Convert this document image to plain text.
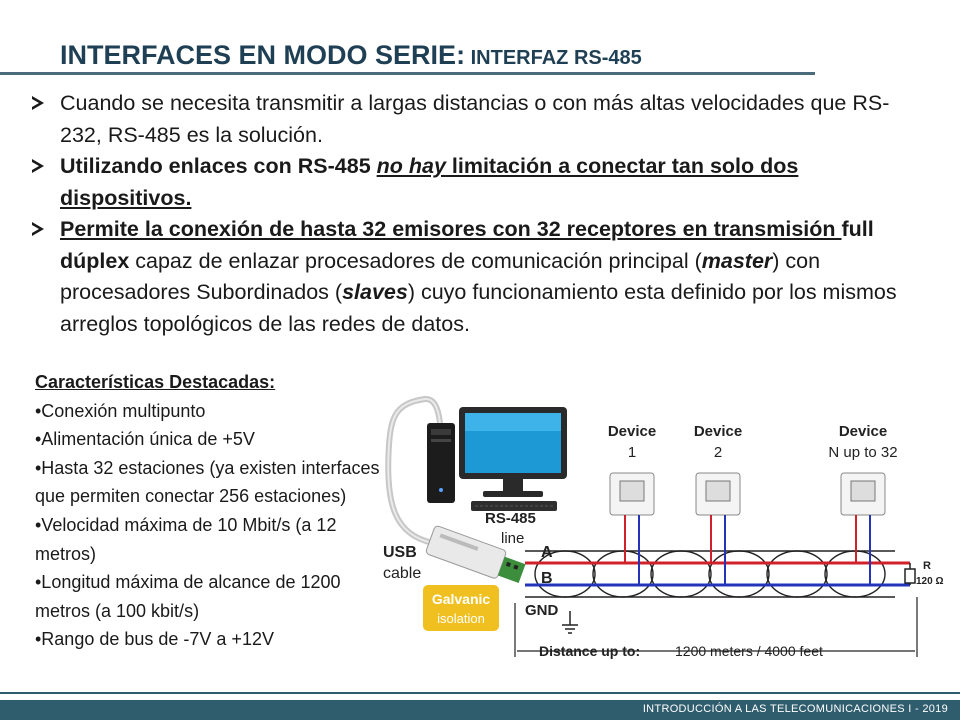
INTERFACES EN MODO SERIE: INTERFAZ RS-485
Cuando se necesita transmitir a largas distancias o con más altas velocidades que RS-232, RS-485 es la solución.
Utilizando enlaces con RS-485 no hay limitación a conectar tan solo dos dispositivos.
Permite la conexión de hasta 32 emisores con 32 receptores en transmisión full dúplex capaz de enlazar procesadores de comunicación principal (master) con procesadores Subordinados (slaves) cuyo funcionamiento esta definido por los mismos arreglos topológicos de las redes de datos.
Características Destacadas:
•Conexión multipunto
•Alimentación única de +5V
•Hasta 32 estaciones (ya existen interfaces que permiten conectar 256 estaciones)
•Velocidad máxima de 10 Mbit/s (a 12 metros)
•Longitud máxima de alcance de 1200 metros (a 100 kbit/s)
•Rango de bus de -7V a +12V
Galvanic
isolation
USB
cable
RS-485
line
A
B
R
120 Ω
GND
Distance up to: 1200 meters / 4000 feet
Device
1
Device
2
Device
N up to 32
INTRODUCCIÓN A LAS TELECOMUNICACIONES I - 2019
